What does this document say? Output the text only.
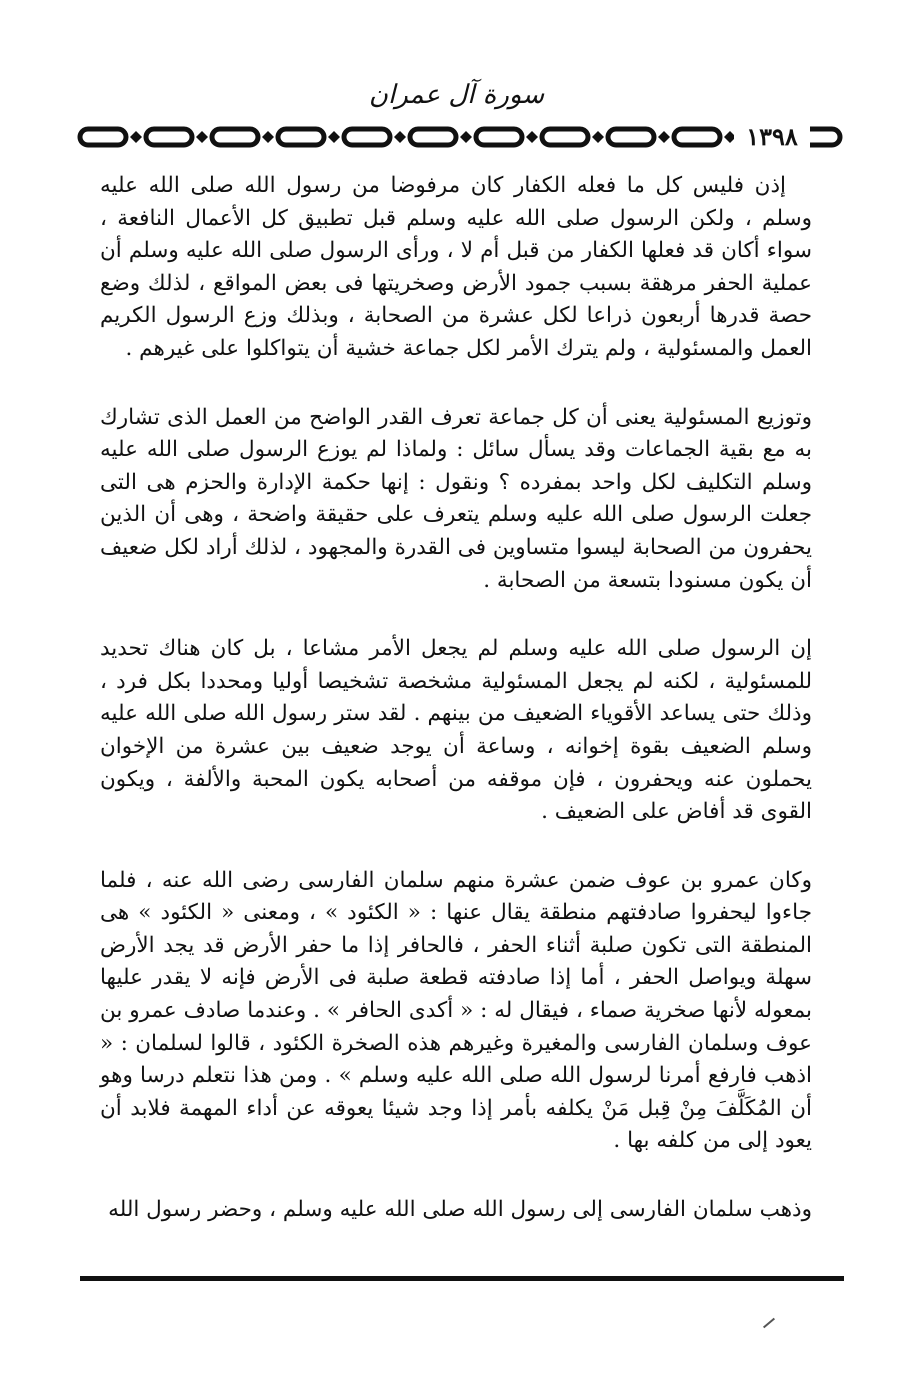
سورة آل عمران
١٣٩٨

إذن فليس كل ما فعله الكفار كان مرفوضا من رسول الله صلى الله عليه وسلم ، ولكن الرسول صلى الله عليه وسلم قبل تطبيق كل الأعمال النافعة ، سواء أكان قد فعلها الكفار من قبل أم لا ، ورأى الرسول صلى الله عليه وسلم أن عملية الحفر مرهقة بسبب جمود الأرض وصخريتها فى بعض المواقع ، لذلك وضع حصة قدرها أربعون ذراعا لكل عشرة من الصحابة ، وبذلك وزع الرسول الكريم العمل والمسئولية ، ولم يترك الأمر لكل جماعة خشية أن يتواكلوا على غيرهم .

وتوزيع المسئولية يعنى أن كل جماعة تعرف القدر الواضح من العمل الذى تشارك به مع بقية الجماعات وقد يسأل سائل : ولماذا لم يوزع الرسول صلى الله عليه وسلم التكليف لكل واحد بمفرده ؟ ونقول : إنها حكمة الإدارة والحزم هى التى جعلت الرسول صلى الله عليه وسلم يتعرف على حقيقة واضحة ، وهى أن الذين يحفرون من الصحابة ليسوا متساوين فى القدرة والمجهود ، لذلك أراد لكل ضعيف أن يكون مسنودا بتسعة من الصحابة .

إن الرسول صلى الله عليه وسلم لم يجعل الأمر مشاعا ، بل كان هناك تحديد للمسئولية ، لكنه لم يجعل المسئولية مشخصة تشخيصا أوليا ومحددا بكل فرد ، وذلك حتى يساعد الأقوياء الضعيف من بينهم . لقد ستر رسول الله صلى الله عليه وسلم الضعيف بقوة إخوانه ، وساعة أن يوجد ضعيف بين عشرة من الإخوان يحملون عنه ويحفرون ، فإن موقفه من أصحابه يكون المحبة والألفة ، ويكون القوى قد أفاض على الضعيف .

وكان عمرو بن عوف ضمن عشرة منهم سلمان الفارسى رضى الله عنه ، فلما جاءوا ليحفروا صادفتهم منطقة يقال عنها : « الكئود » ، ومعنى « الكئود » هى المنطقة التى تكون صلبة أثناء الحفر ، فالحافر إذا ما حفر الأرض قد يجد الأرض سهلة ويواصل الحفر ، أما إذا صادفته قطعة صلبة فى الأرض فإنه لا يقدر عليها بمعوله لأنها صخرية صماء ، فيقال له : « أكدى الحافر » . وعندما صادف عمرو بن عوف وسلمان الفارسى والمغيرة وغيرهم هذه الصخرة الكئود ، قالوا لسلمان : « اذهب فارفع أمرنا لرسول الله صلى الله عليه وسلم » . ومن هذا نتعلم درسا وهو أن المُكَلَّفَ مِنْ قِبل مَنْ يكلفه بأمر إذا وجد شيئا يعوقه عن أداء المهمة فلابد أن يعود إلى من كلفه بها .

وذهب سلمان الفارسى إلى رسول الله صلى الله عليه وسلم ، وحضر رسول الله
